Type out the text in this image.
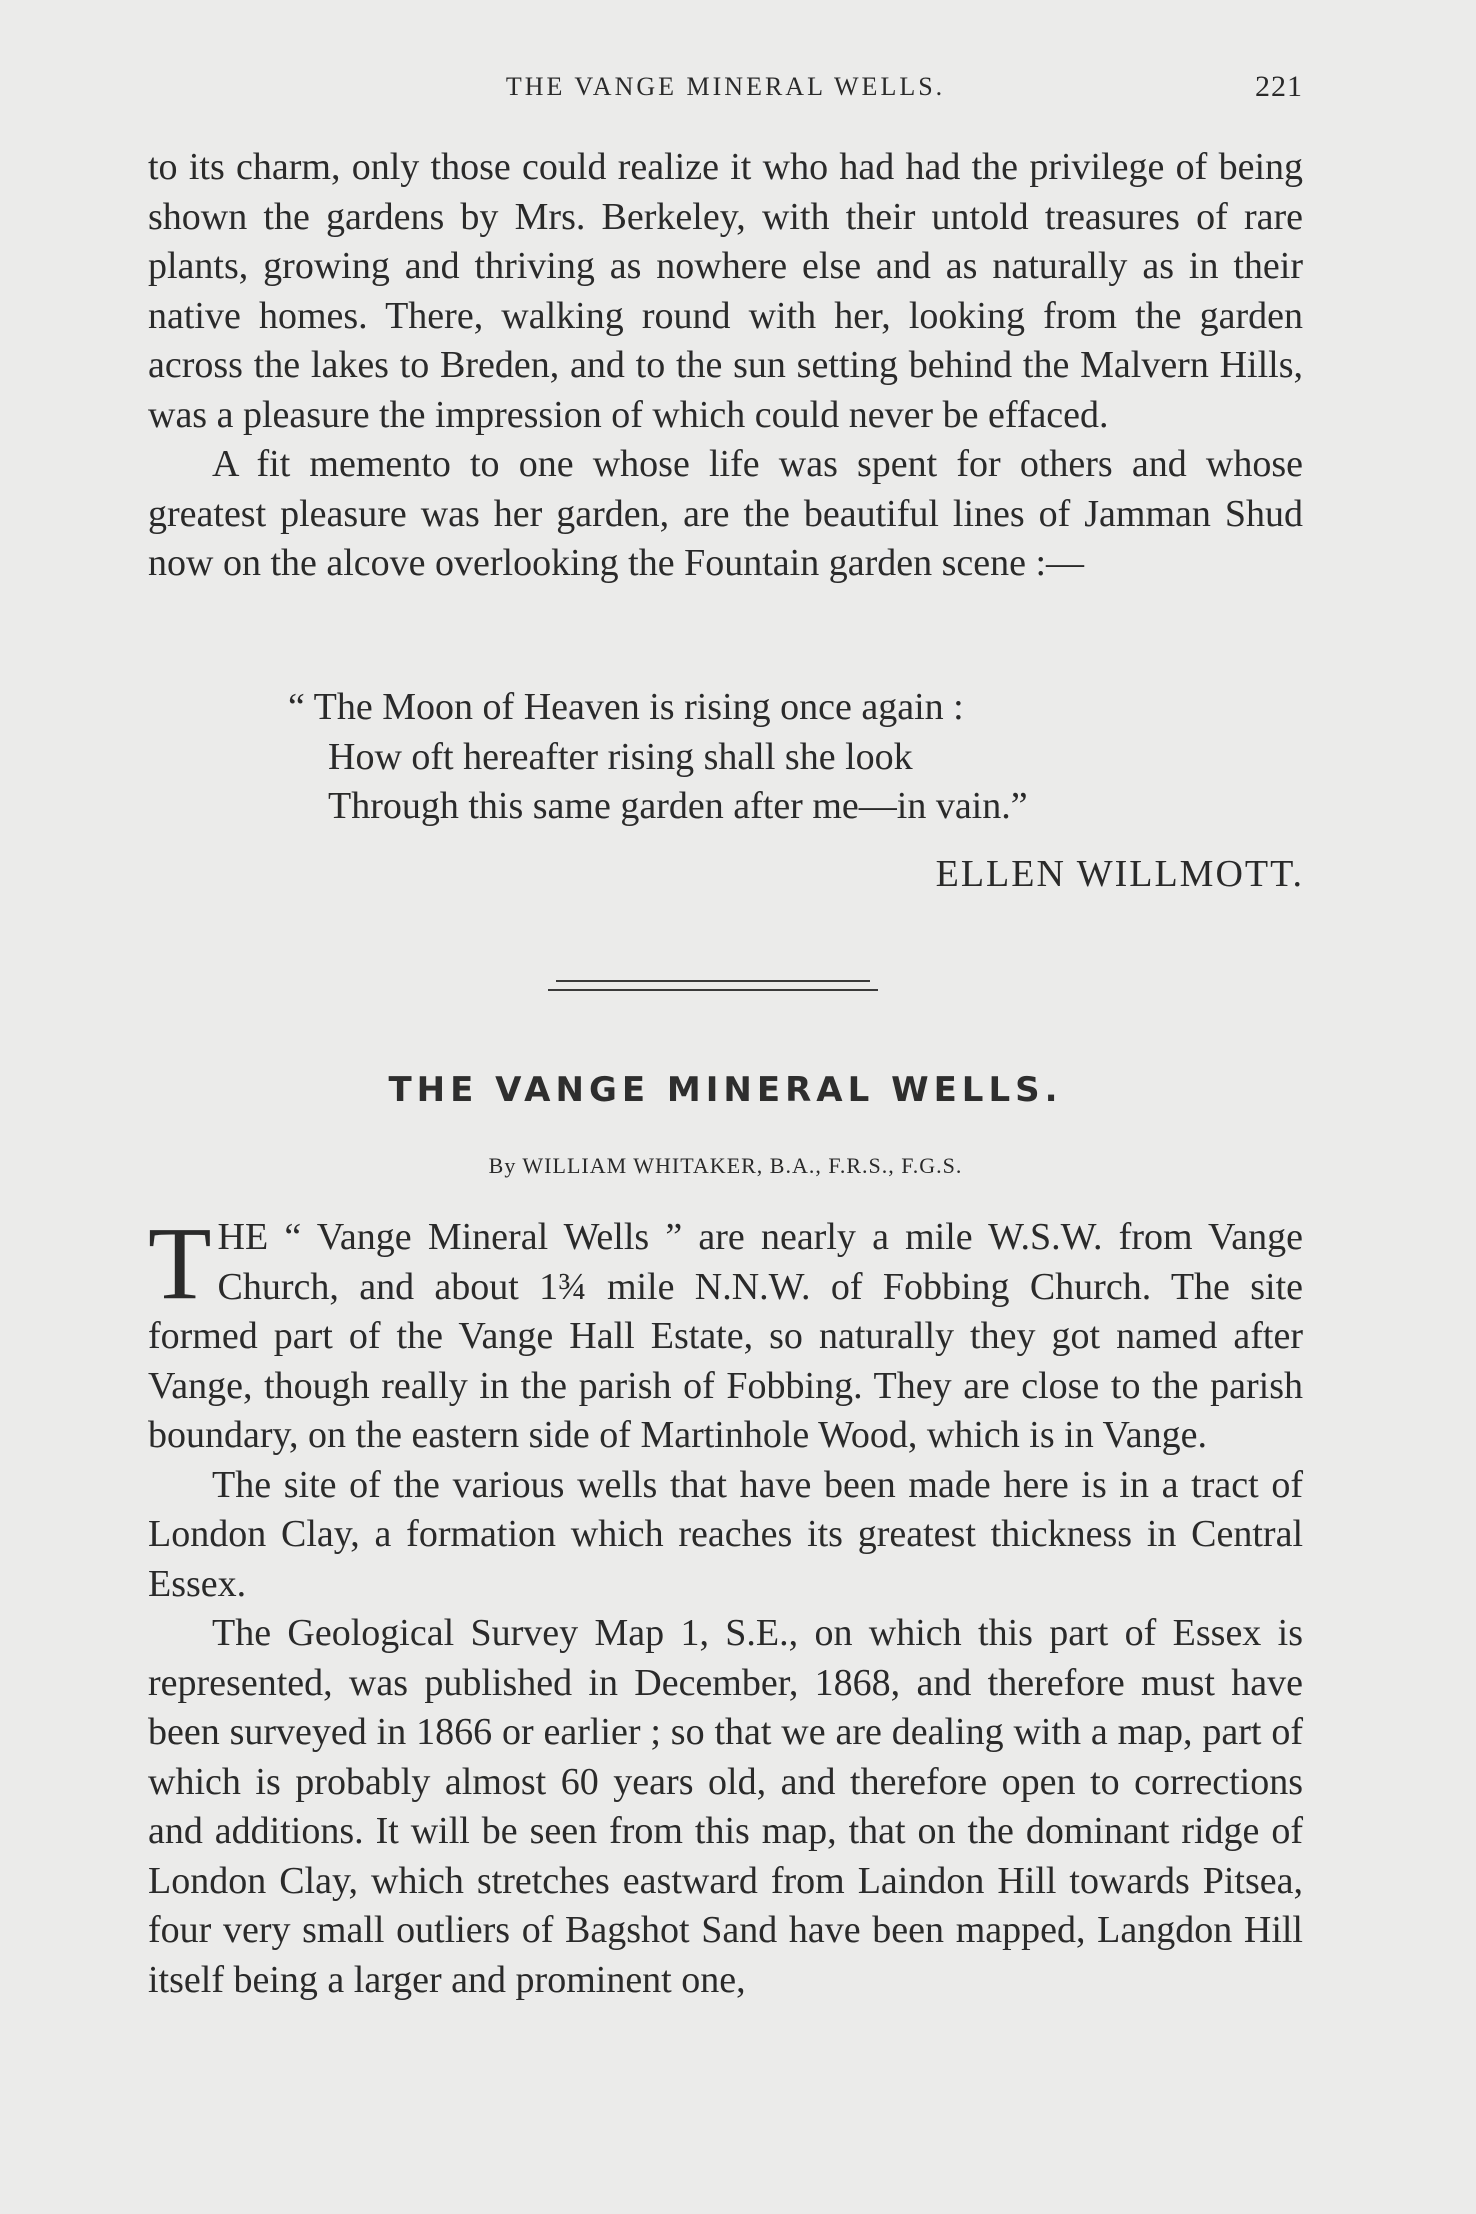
THE VANGE MINERAL WELLS.	221

to its charm, only those could realize it who had had the privilege of being shown the gardens by Mrs. Berkeley, with their untold treasures of rare plants, growing and thriving as nowhere else and as naturally as in their native homes. There, walking round with her, looking from the garden across the lakes to Breden, and to the sun setting behind the Malvern Hills, was a pleasure the impression of which could never be effaced.

A fit memento to one whose life was spent for others and whose greatest pleasure was her garden, are the beautiful lines of Jamman Shud now on the alcove overlooking the Fountain garden scene :—

“ The Moon of Heaven is rising once again :
How oft hereafter rising shall she look
Through this same garden after me—in vain.”
ELLEN WILLMOTT.
THE VANGE MINERAL WELLS.
By WILLIAM WHITAKER, B.A., F.R.S., F.G.S.

THE “ Vange Mineral Wells ” are nearly a mile W.S.W. from Vange Church, and about 1¾ mile N.N.W. of Fobbing Church. The site formed part of the Vange Hall Estate, so naturally they got named after Vange, though really in the parish of Fobbing. They are close to the parish boundary, on the eastern side of Martinhole Wood, which is in Vange.

The site of the various wells that have been made here is in a tract of London Clay, a formation which reaches its greatest thickness in Central Essex.

The Geological Survey Map 1, S.E., on which this part of Essex is represented, was published in December, 1868, and therefore must have been surveyed in 1866 or earlier ; so that we are dealing with a map, part of which is probably almost 60 years old, and therefore open to corrections and additions. It will be seen from this map, that on the dominant ridge of London Clay, which stretches eastward from Laindon Hill towards Pitsea, four very small outliers of Bagshot Sand have been mapped, Langdon Hill itself being a larger and prominent one,
